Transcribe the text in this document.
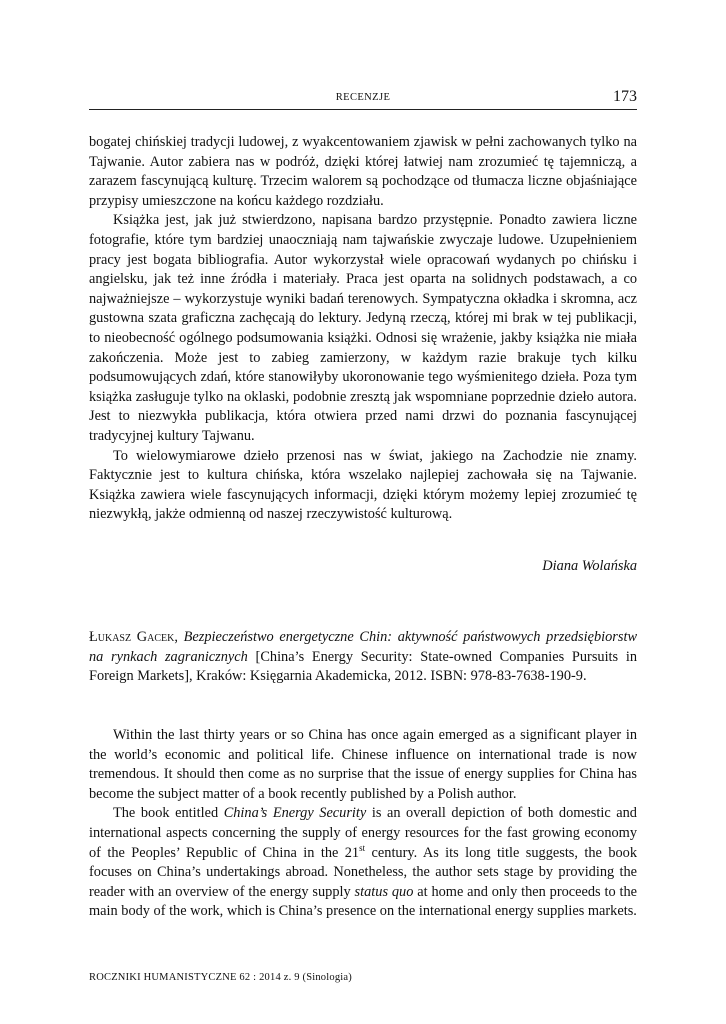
RECENZJE	173

bogatej chińskiej tradycji ludowej, z wyakcentowaniem zjawisk w pełni zachowanych tylko na Tajwanie. Autor zabiera nas w podróż, dzięki której łatwiej nam zrozumieć tę tajemniczą, a zarazem fascynującą kulturę. Trzecim walorem są pochodzące od tłumacza liczne objaśniające przypisy umieszczone na końcu każdego rozdziału.

Książka jest, jak już stwierdzono, napisana bardzo przystępnie. Ponadto zawiera liczne fotografie, które tym bardziej unaoczniają nam tajwańskie zwyczaje ludowe. Uzupełnieniem pracy jest bogata bibliografia. Autor wykorzystał wiele opracowań wydanych po chińsku i angielsku, jak też inne źródła i materiały. Praca jest oparta na solidnych podstawach, a co najważniejsze – wykorzystuje wyniki badań terenowych. Sympatyczna okładka i skromna, acz gustowna szata graficzna zachęcają do lektury. Jedyną rzeczą, której mi brak w tej publikacji, to nieobecność ogólnego podsumowania książki. Odnosi się wrażenie, jakby książka nie miała zakończenia. Może jest to zabieg zamierzony, w każdym razie brakuje tych kilku podsumowujących zdań, które stanowiłyby ukoronowanie tego wyśmienitego dzieła. Poza tym książka zasługuje tylko na oklaski, podobnie zresztą jak wspomniane poprzednie dzieło autora. Jest to niezwykła publikacja, która otwiera przed nami drzwi do poznania fascynującej tradycyjnej kultury Tajwanu.

To wielowymiarowe dzieło przenosi nas w świat, jakiego na Zachodzie nie znamy. Faktycznie jest to kultura chińska, która wszelako najlepiej zachowała się na Tajwanie. Książka zawiera wiele fascynujących informacji, dzięki którym możemy lepiej zrozumieć tę niezwykłą, jakże odmienną od naszej rzeczywistość kulturową.

Diana Wolańska

Łukasz Gacek, Bezpieczeństwo energetyczne Chin: aktywność państwowych przedsiębiorstw na rynkach zagranicznych [China’s Energy Security: State-owned Companies Pursuits in Foreign Markets], Kraków: Księgarnia Akademicka, 2012. ISBN: 978-83-7638-190-9.

Within the last thirty years or so China has once again emerged as a significant player in the world’s economic and political life. Chinese influence on international trade is now tremendous. It should then come as no surprise that the issue of energy supplies for China has become the subject matter of a book recently published by a Polish author.

The book entitled China’s Energy Security is an overall depiction of both domestic and international aspects concerning the supply of energy resources for the fast growing economy of the Peoples’ Republic of China in the 21st century. As its long title suggests, the book focuses on China’s undertakings abroad. Nonetheless, the author sets stage by providing the reader with an overview of the energy supply status quo at home and only then proceeds to the main body of the work, which is China’s presence on the international energy supplies markets.

ROCZNIKI HUMANISTYCZNE 62 : 2014 z. 9 (Sinologia)
